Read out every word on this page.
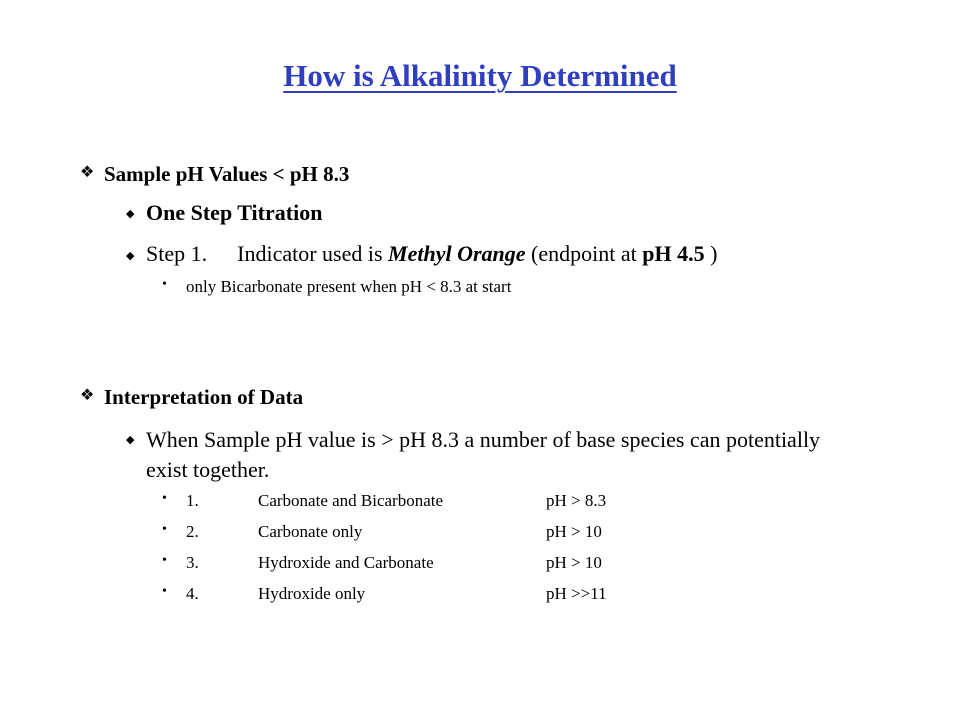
How is Alkalinity Determined
❖ Sample pH Values < pH 8.3
◆ One Step Titration
◆ Step 1. Indicator used is Methyl Orange (endpoint at pH 4.5 )
• only Bicarbonate present when pH < 8.3 at start
❖ Interpretation of Data
◆ When Sample pH value is > pH 8.3 a number of base species can potentially exist together.
• 1.	Carbonate and Bicarbonate	pH > 8.3
• 2.	Carbonate only	pH > 10
• 3.	Hydroxide and Carbonate	pH > 10
• 4.	Hydroxide only	pH >>11
